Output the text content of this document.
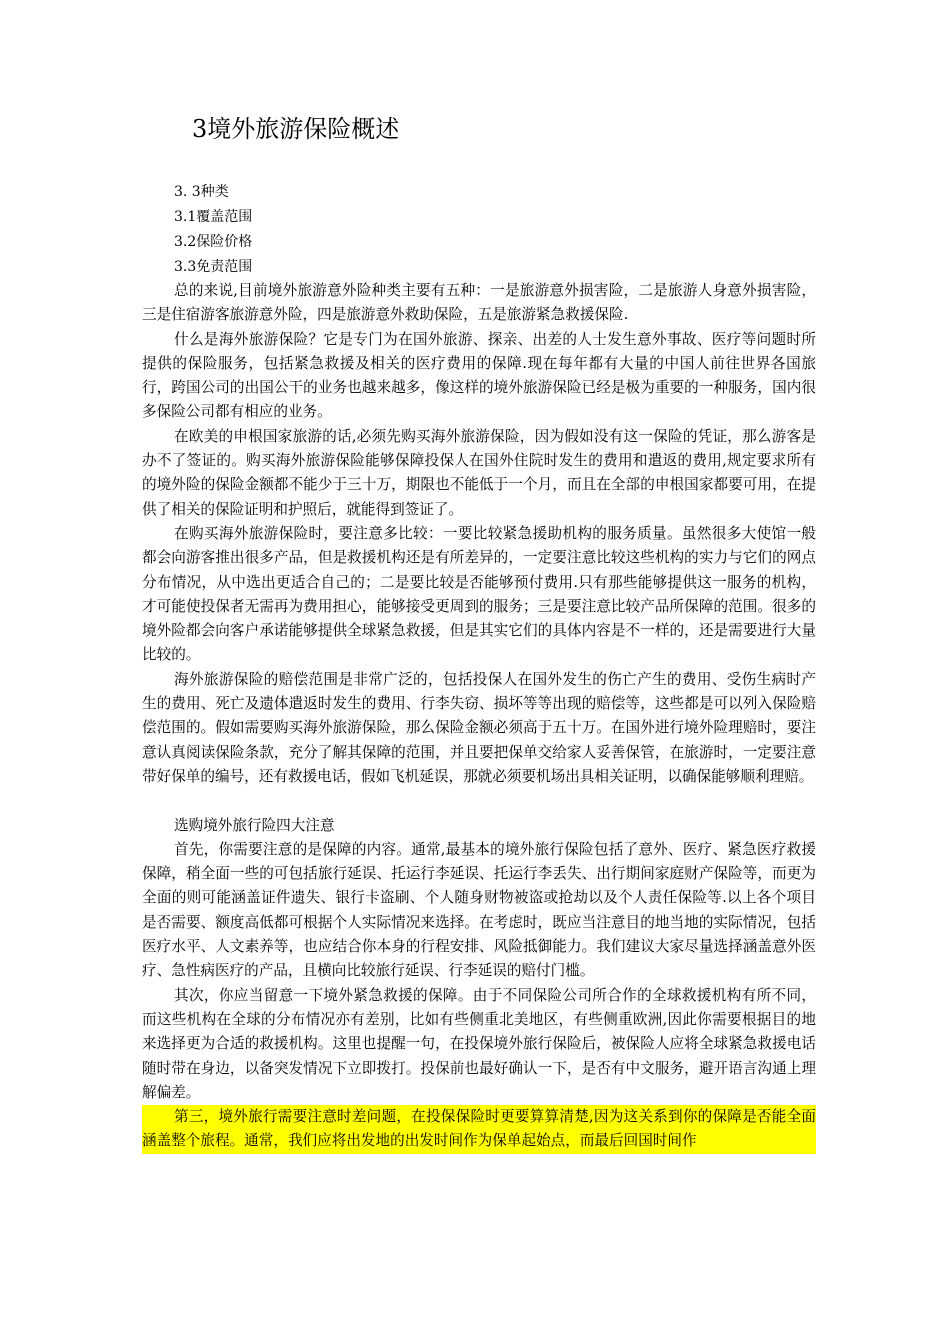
3境外旅游保险概述
3. 3种类
3.1覆盖范围
3.2保险价格
3.3免责范围

总的来说,目前境外旅游意外险种类主要有五种：一是旅游意外损害险，二是旅游人身意外损害险，三是住宿游客旅游意外险，四是旅游意外救助保险，五是旅游紧急救援保险.

什么是海外旅游保险？它是专门为在国外旅游、探亲、出差的人士发生意外事故、医疗等问题时所提供的保险服务，包括紧急救援及相关的医疗费用的保障.现在每年都有大量的中国人前往世界各国旅行，跨国公司的出国公干的业务也越来越多，像这样的境外旅游保险已经是极为重要的一种服务，国内很多保险公司都有相应的业务。

在欧美的申根国家旅游的话,必须先购买海外旅游保险，因为假如没有这一保险的凭证，那么游客是办不了签证的。购买海外旅游保险能够保障投保人在国外住院时发生的费用和遣返的费用,规定要求所有的境外险的保险金额都不能少于三十万，期限也不能低于一个月，而且在全部的申根国家都要可用，在提供了相关的保险证明和护照后，就能得到签证了。

在购买海外旅游保险时，要注意多比较：一要比较紧急援助机构的服务质量。虽然很多大使馆一般都会向游客推出很多产品，但是救援机构还是有所差异的，一定要注意比较这些机构的实力与它们的网点分布情况，从中选出更适合自己的；二是要比较是否能够预付费用.只有那些能够提供这一服务的机构，才可能使投保者无需再为费用担心，能够接受更周到的服务；三是要注意比较产品所保障的范围。很多的境外险都会向客户承诺能够提供全球紧急救援，但是其实它们的具体内容是不一样的，还是需要进行大量比较的。

海外旅游保险的赔偿范围是非常广泛的，包括投保人在国外发生的伤亡产生的费用、受伤生病时产生的费用、死亡及遗体遣返时发生的费用、行李失窃、损坏等等出现的赔偿等，这些都是可以列入保险赔偿范围的。假如需要购买海外旅游保险，那么保险金额必须高于五十万。在国外进行境外险理赔时，要注意认真阅读保险条款，充分了解其保障的范围，并且要把保单交给家人妥善保管，在旅游时，一定要注意带好保单的编号，还有救援电话，假如飞机延误，那就必须要机场出具相关证明，以确保能够顺利理赔。

选购境外旅行险四大注意

首先，你需要注意的是保障的内容。通常,最基本的境外旅行保险包括了意外、医疗、紧急医疗救援保障，稍全面一些的可包括旅行延误、托运行李延误、托运行李丢失、出行期间家庭财产保险等，而更为全面的则可能涵盖证件遗失、银行卡盗刷、个人随身财物被盗或抢劫以及个人责任保险等.以上各个项目是否需要、额度高低都可根据个人实际情况来选择。在考虑时，既应当注意目的地当地的实际情况，包括医疗水平、人文素养等，也应结合你本身的行程安排、风险抵御能力。我们建议大家尽量选择涵盖意外医疗、急性病医疗的产品，且横向比较旅行延误、行李延误的赔付门槛。

其次，你应当留意一下境外紧急救援的保障。由于不同保险公司所合作的全球救援机构有所不同，而这些机构在全球的分布情况亦有差别，比如有些侧重北美地区，有些侧重欧洲,因此你需要根据目的地来选择更为合适的救援机构。这里也提醒一句，在投保境外旅行保险后，被保险人应将全球紧急救援电话随时带在身边，以备突发情况下立即拨打。投保前也最好确认一下，是否有中文服务，避开语言沟通上理解偏差。

第三，境外旅行需要注意时差问题，在投保保险时更要算算清楚,因为这关系到你的保障是否能全面涵盖整个旅程。通常，我们应将出发地的出发时间作为保单起始点，而最后回国时间作
